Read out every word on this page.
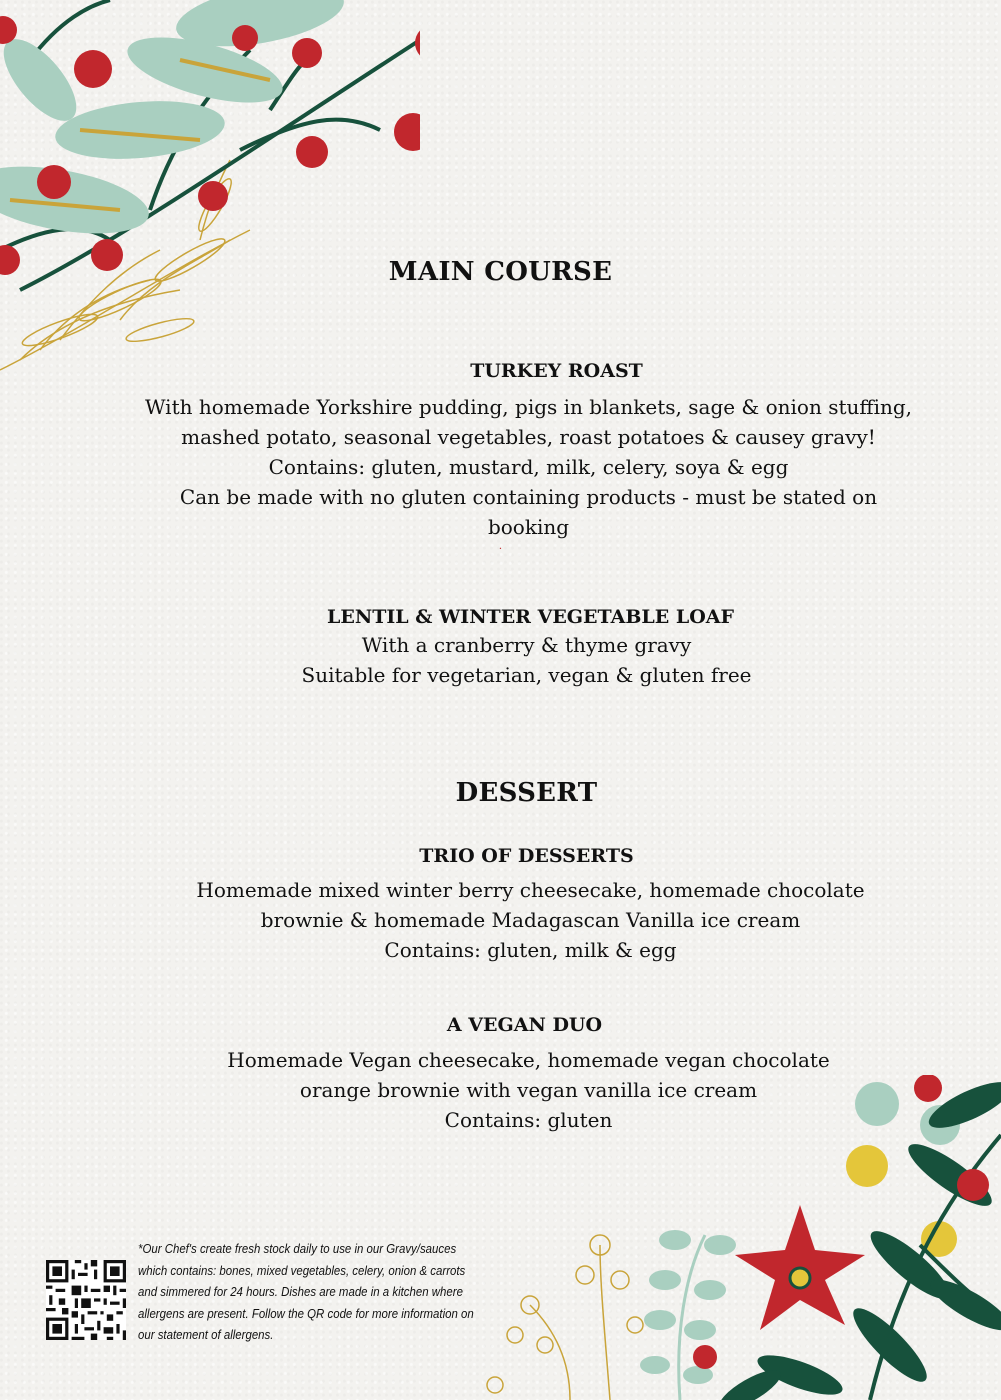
·
MAIN COURSE
TURKEY ROAST
With homemade Yorkshire pudding, pigs in blankets, sage & onion stuffing,
mashed potato, seasonal vegetables, roast potatoes & causey gravy!
Contains: gluten, mustard, milk, celery, soya & egg
Can be made with no gluten containing products - must be stated on
booking
LENTIL & WINTER VEGETABLE LOAF
With a cranberry & thyme gravy
Suitable for vegetarian, vegan & gluten free
DESSERT
TRIO OF DESSERTS
Homemade mixed winter berry cheesecake, homemade chocolate
brownie & homemade Madagascan Vanilla ice cream
Contains: gluten, milk & egg
A VEGAN DUO
Homemade Vegan cheesecake, homemade vegan chocolate
orange brownie with vegan vanilla ice cream
Contains: gluten
*Our Chef's create fresh stock daily to use in our Gravy/sauces which contains: bones, mixed vegetables, celery, onion & carrots and simmered for 24 hours. Dishes are made in a kitchen where allergens are present. Follow the QR code for more information on our statement of allergens.
